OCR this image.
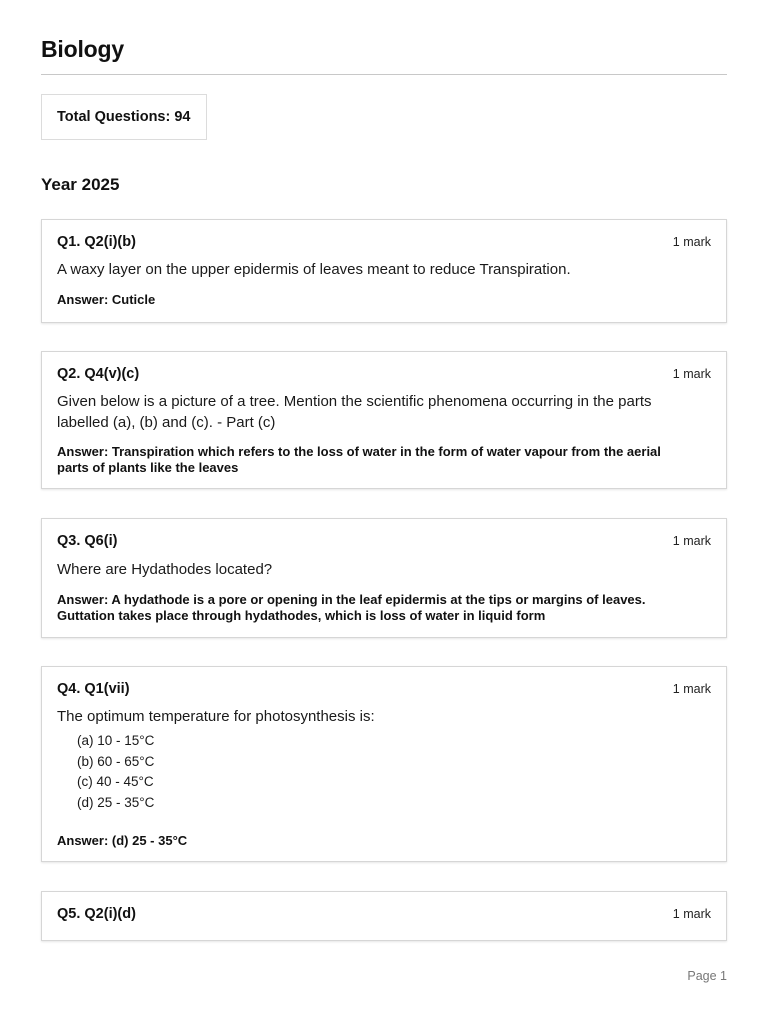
Biology
Total Questions: 94
Year 2025
Q1. Q2(i)(b)	1 mark
A waxy layer on the upper epidermis of leaves meant to reduce Transpiration.
Answer: Cuticle
Q2. Q4(v)(c)	1 mark
Given below is a picture of a tree. Mention the scientific phenomena occurring in the parts labelled (a), (b) and (c). - Part (c)
Answer: Transpiration which refers to the loss of water in the form of water vapour from the aerial parts of plants like the leaves
Q3. Q6(i)	1 mark
Where are Hydathodes located?
Answer: A hydathode is a pore or opening in the leaf epidermis at the tips or margins of leaves. Guttation takes place through hydathodes, which is loss of water in liquid form
Q4. Q1(vii)	1 mark
The optimum temperature for photosynthesis is:
(a) 10 - 15°C
(b) 60 - 65°C
(c) 40 - 45°C
(d) 25 - 35°C
Answer: (d) 25 - 35°C
Q5. Q2(i)(d)	1 mark
Page 1
